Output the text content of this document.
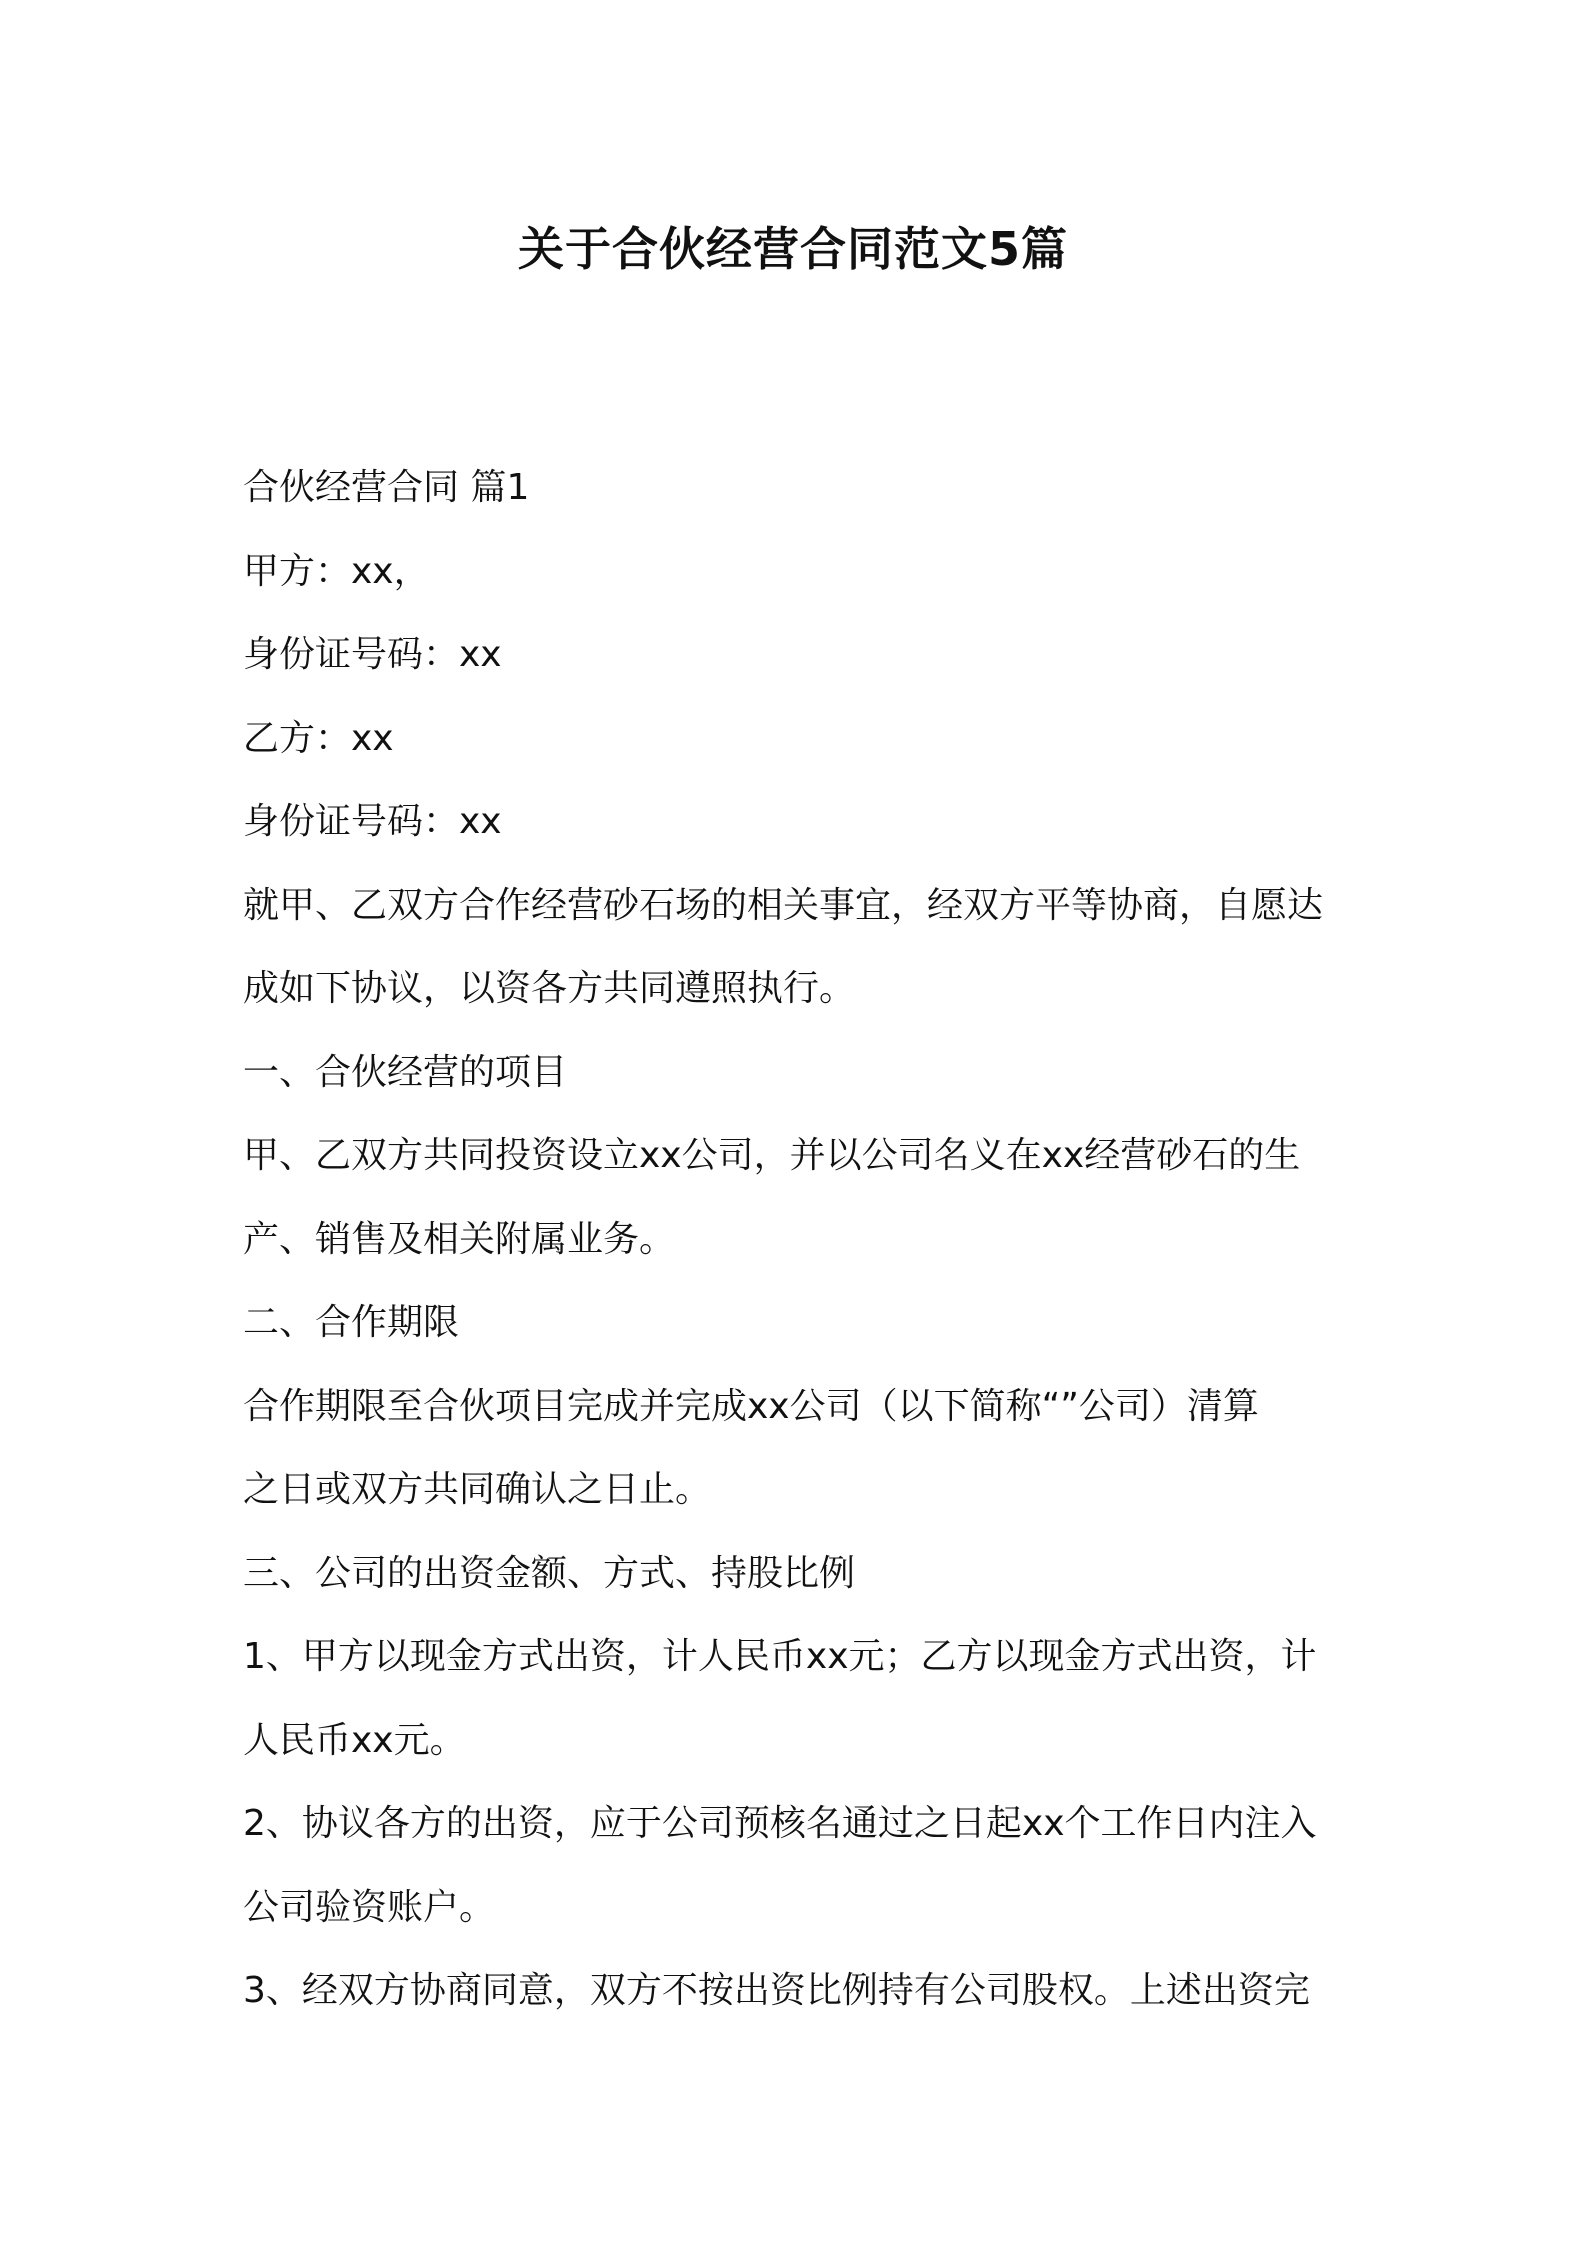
关于合伙经营合同范文5篇
合伙经营合同 篇1
甲方：xx，
身份证号码：xx
乙方：xx
身份证号码：xx
就甲、乙双方合作经营砂石场的相关事宜，经双方平等协商，自愿达
成如下协议，以资各方共同遵照执行。
一、合伙经营的项目
甲、乙双方共同投资设立xx公司，并以公司名义在xx经营砂石的生
产、销售及相关附属业务。
二、合作期限
合作期限至合伙项目完成并完成xx公司（以下简称“”公司）清算
之日或双方共同确认之日止。
三、公司的出资金额、方式、持股比例
1、甲方以现金方式出资，计人民币xx元；乙方以现金方式出资，计
人民币xx元。
2、协议各方的出资，应于公司预核名通过之日起xx个工作日内注入
公司验资账户。
3、经双方协商同意，双方不按出资比例持有公司股权。上述出资完
